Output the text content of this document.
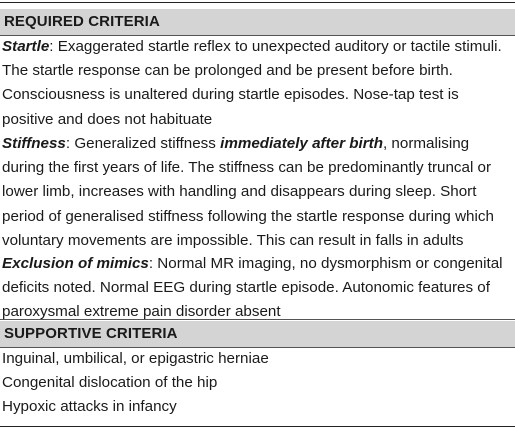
REQUIRED CRITERIA

Startle: Exaggerated startle reflex to unexpected auditory or tactile stimuli. The startle response can be prolonged and be present before birth. Consciousness is unaltered during startle episodes. Nose-tap test is positive and does not habituate

Stiffness: Generalized stiffness immediately after birth, normalising during the first years of life. The stiffness can be predominantly truncal or lower limb, increases with handling and disappears during sleep. Short period of generalised stiffness following the startle response during which voluntary movements are impossible. This can result in falls in adults

Exclusion of mimics: Normal MR imaging, no dysmorphism or congenital deficits noted. Normal EEG during startle episode. Autonomic features of paroxysmal extreme pain disorder absent

SUPPORTIVE CRITERIA
Inguinal, umbilical, or epigastric herniae
Congenital dislocation of the hip
Hypoxic attacks in infancy
